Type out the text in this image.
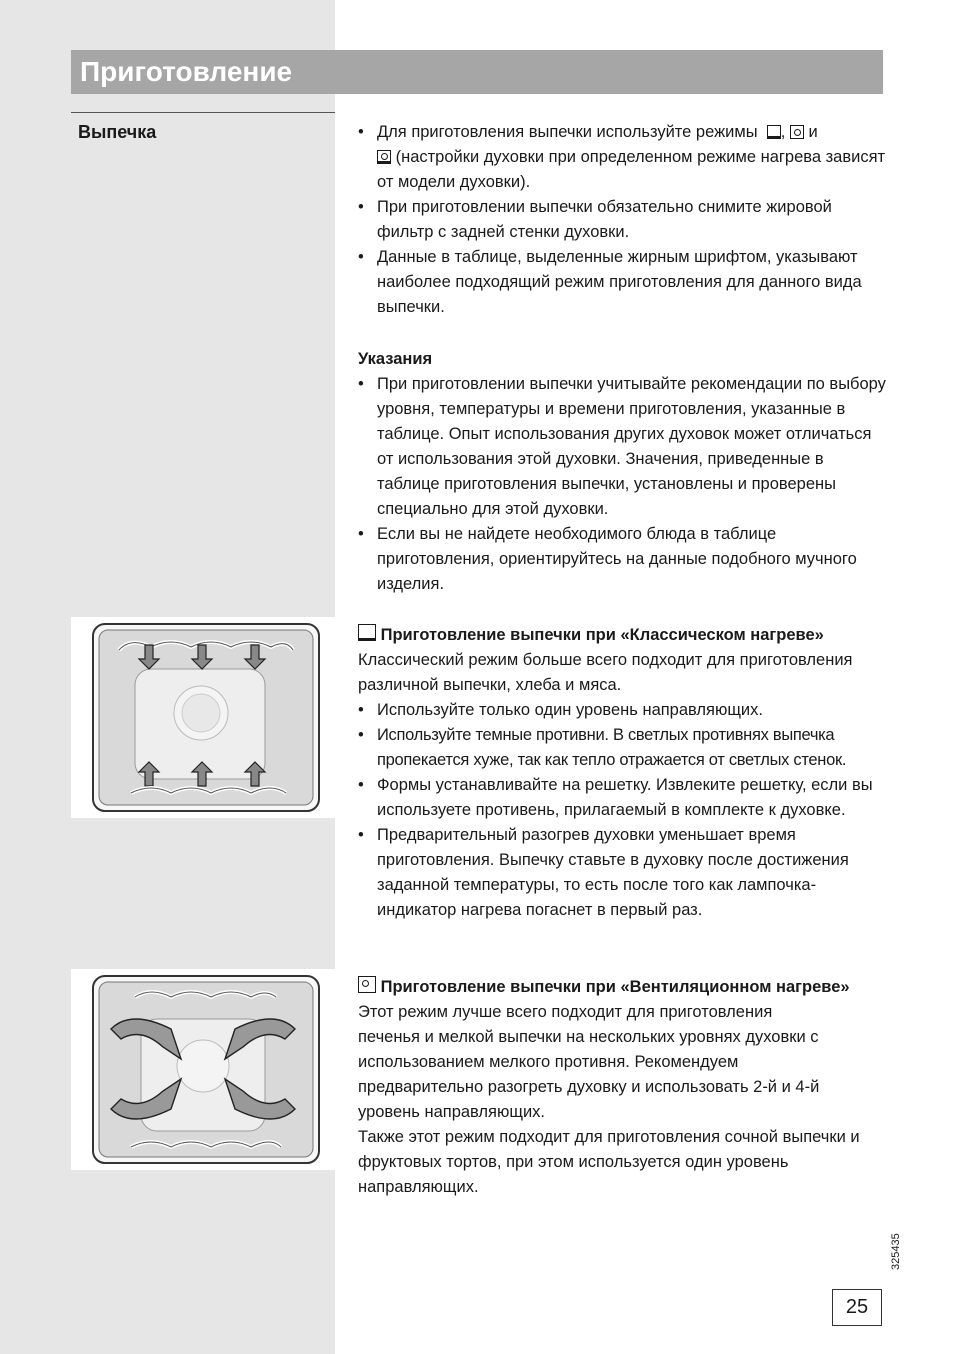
Приготовление
Выпечка
•	Для приготовления выпечки используйте режимы , и
(настройки духовки при определенном режиме нагрева зависят от модели духовки).
• При приготовлении выпечки обязательно снимите жировой фильтр с задней стенки духовки.
• Данные в таблице, выделенные жирным шрифтом, указывают наиболее подходящий режим приготовления для данного вида выпечки.

Указания

• При приготовлении выпечки учитывайте рекомендации по выбору уровня, температуры и времени приготовления, указанные в таблице. Опыт использования других духовок может отличаться от использования этой духовки. Значения, приведенные в таблице приготовления выпечки, установлены и проверены специально для этой духовки.
• Если вы не найдете необходимого блюда в таблице приготовления, ориентируйтесь на данные подобного мучного изделия.

Приготовление выпечки при «Классическом нагреве»

Классический режим больше всего подходит для приготовления различной выпечки, хлеба и мяса.

• Используйте только один уровень направляющих.
• Используйте темные противни. В светлых противнях выпечка пропекается хуже, так как тепло отражается от светлых стенок.
• Формы устанавливайте на решетку. Извлеките решетку, если вы используете противень, прилагаемый в комплекте к духовке.
• Предварительный разогрев духовки уменьшает время приготовления. Выпечку ставьте в духовку после достижения заданной температуры, то есть после того как лампочка-индикатор нагрева погаснет в первый раз.

Приготовление выпечки при «Вентиляционном нагреве»

Этот режим лучше всего подходит для приготовления печенья и мелкой выпечки на нескольких уровнях духовки с использованием мелкого противня. Рекомендуем предварительно разогреть духовку и использовать 2-й и 4-й уровень направляющих.

Также этот режим подходит для приготовления сочной выпечки и фруктовых тортов, при этом используется один уровень направляющих.

325435
25
